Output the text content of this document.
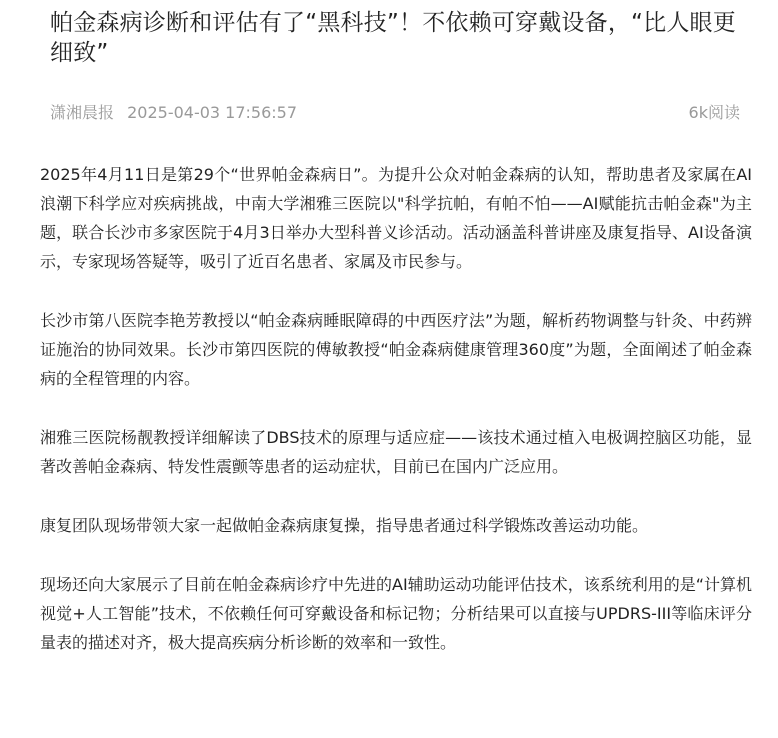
帕金森病诊断和评估有了“黑科技”！不依赖可穿戴设备，“比人眼更细致”
潇湘晨报 2025-04-03 17:56:57	6k阅读

2025年4月11日是第29个“世界帕金森病日”。为提升公众对帕金森病的认知，帮助患者及家属在AI浪潮下科学应对疾病挑战，中南大学湘雅三医院以"科学抗帕，有帕不怕——AI赋能抗击帕金森"为主题，联合长沙市多家医院于4月3日举办大型科普义诊活动。活动涵盖科普讲座及康复指导、AI设备演示，专家现场答疑等，吸引了近百名患者、家属及市民参与。

长沙市第八医院李艳芳教授以“帕金森病睡眠障碍的中西医疗法”为题，解析药物调整与针灸、中药辨证施治的协同效果。长沙市第四医院的傅敏教授“帕金森病健康管理360度”为题，全面阐述了帕金森病的全程管理的内容。

湘雅三医院杨靓教授详细解读了DBS技术的原理与适应症——该技术通过植入电极调控脑区功能，显著改善帕金森病、特发性震颤等患者的运动症状，目前已在国内广泛应用。

康复团队现场带领大家一起做帕金森病康复操，指导患者通过科学锻炼改善运动功能。

现场还向大家展示了目前在帕金森病诊疗中先进的AI辅助运动功能评估技术，该系统利用的是“计算机视觉+人工智能”技术，不依赖任何可穿戴设备和标记物；分析结果可以直接与UPDRS-III等临床评分量表的描述对齐，极大提高疾病分析诊断的效率和一致性。
